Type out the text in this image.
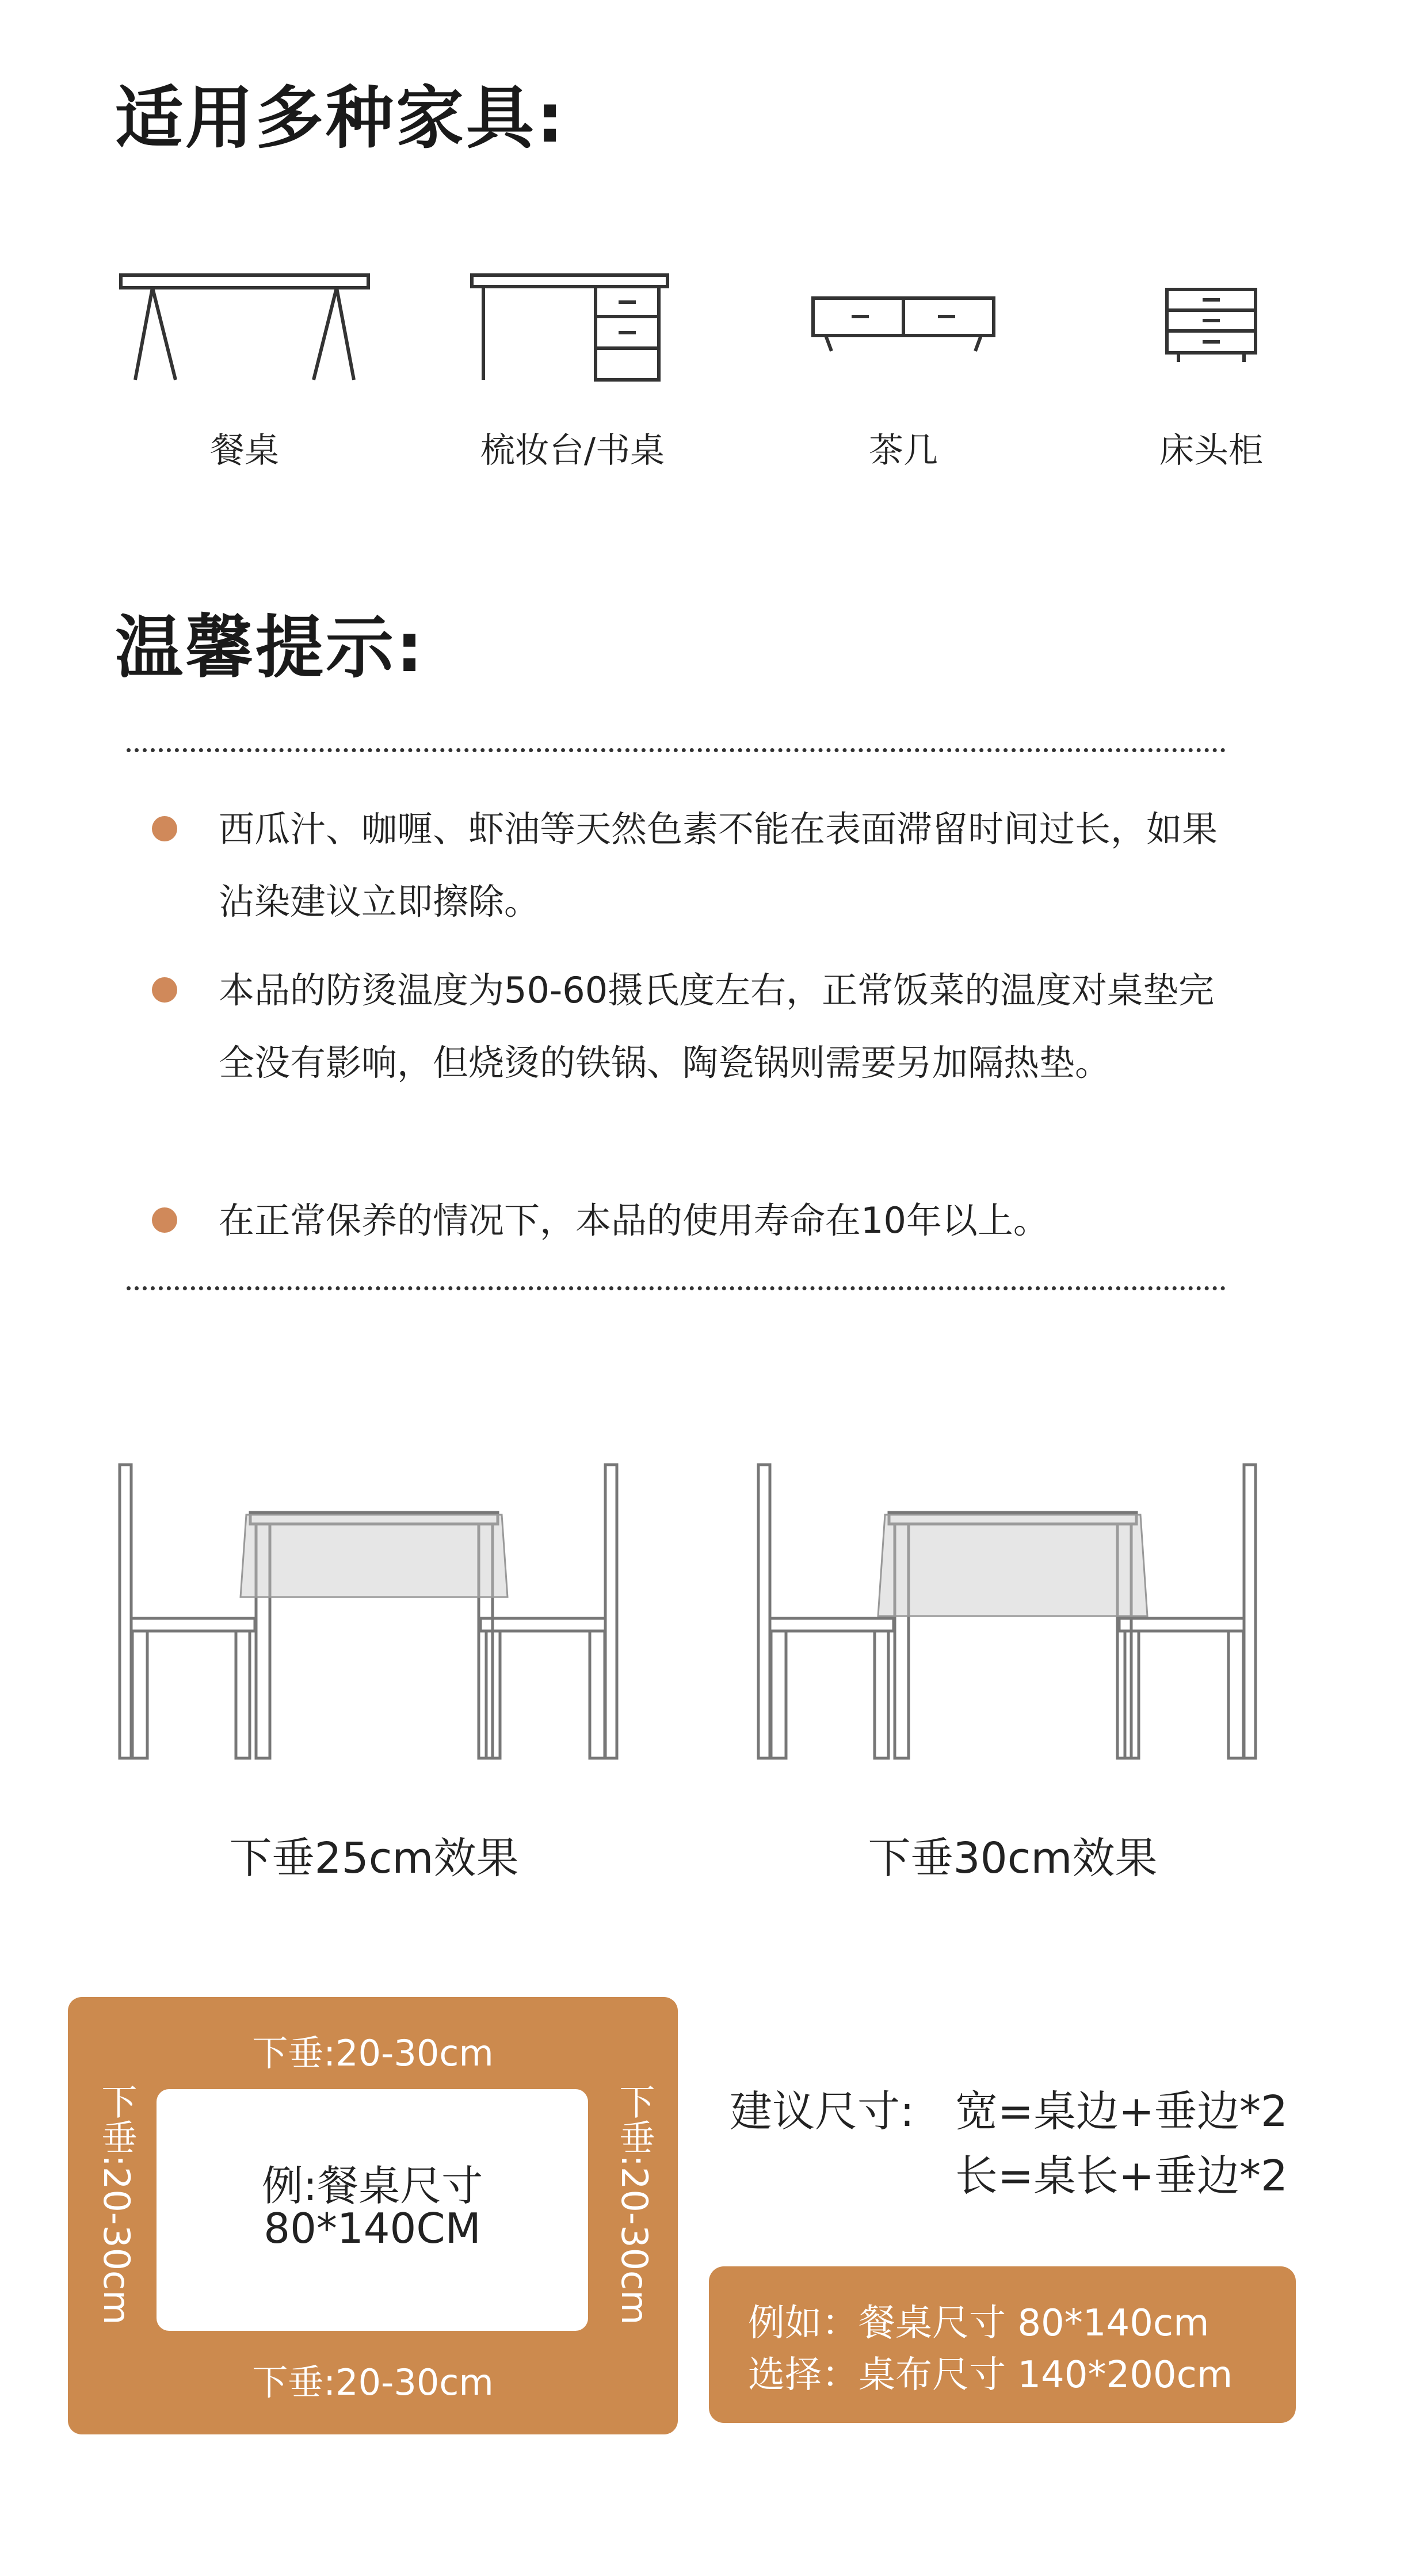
适用多种家具:
餐桌	梳妆台/书桌	茶几	床头柜
温馨提示:
西瓜汁、咖喱、虾油等天然色素不能在表面滞留时间过长，如果沾染建议立即擦除。
本品的防烫温度为50-60摄氏度左右，正常饭菜的温度对桌垫完全没有影响，但烧烫的铁锅、陶瓷锅则需要另加隔热垫。
在正常保养的情况下，本品的使用寿命在10年以上。
下垂25cm效果	下垂30cm效果
下垂:20-30cm
下垂:20-30cm
下垂:20-30cm	下垂:20-30cm
例:餐桌尺寸
80*140CM
建议尺寸: 宽=桌边+垂边*2
长=桌长+垂边*2
例如：餐桌尺寸 80*140cm
选择：桌布尺寸 140*200cm
